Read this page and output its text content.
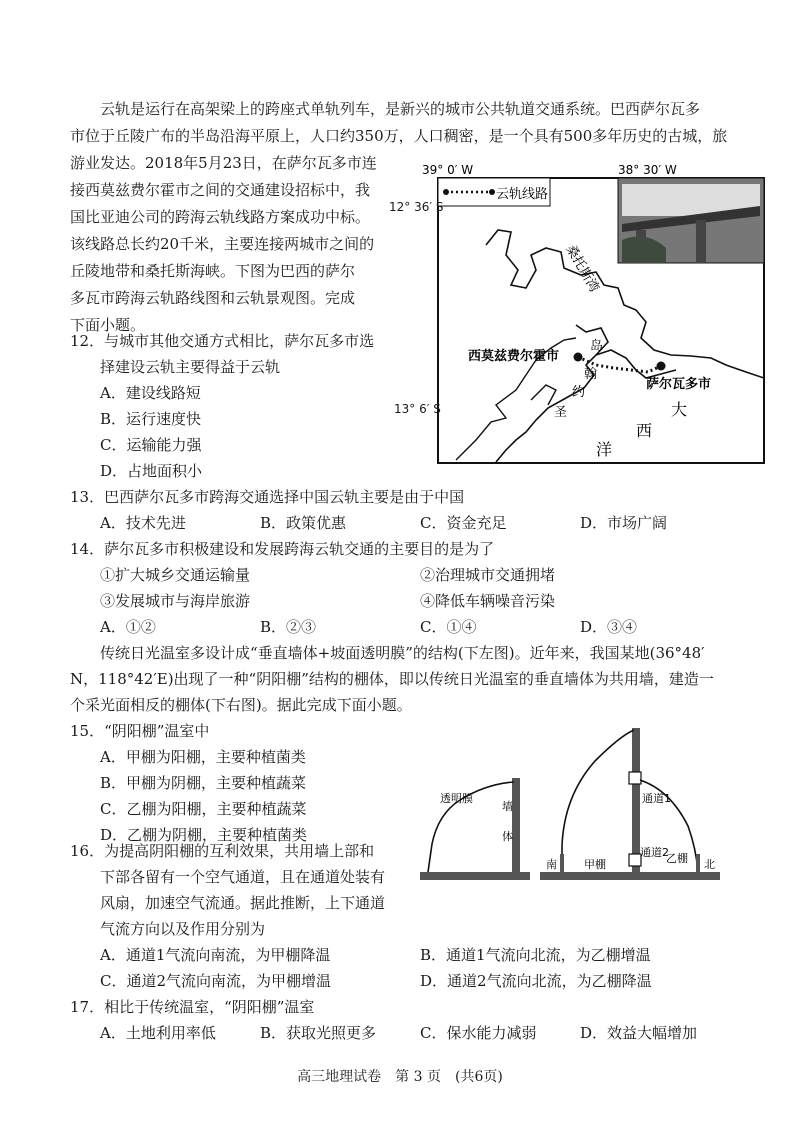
云轨是运行在高架梁上的跨座式单轨列车，是新兴的城市公共轨道交通系统。巴西萨尔瓦多
市位于丘陵广布的半岛沿海平原上，人口约350万，人口稠密，是一个具有500多年历史的古城，旅
游业发达。2018年5月23日，在萨尔瓦多市连
接西莫兹费尔霍市之间的交通建设招标中，我
国比亚迪公司的跨海云轨线路方案成功中标。
该线路总长约20千米，主要连接两城市之间的
丘陵地带和桑托斯海峡。下图为巴西的萨尔
多瓦市跨海云轨路线图和云轨景观图。完成
下面小题。
云轨线路
39° 0′ W	38° 30′ W
桑托斯湾
西莫兹费尔霍市
萨尔瓦多市
岛
翰
约
圣	大
西
洋
12° 36′ S
13° 6′ S
12．与城市其他交通方式相比，萨尔瓦多市选
择建设云轨主要得益于云轨
A．建设线路短
B．运行速度快
C．运输能力强
D．占地面积小
13．巴西萨尔瓦多市跨海交通选择中国云轨主要是由于中国
A．技术先进	B．政策优惠	C．资金充足	D．市场广阔
14．萨尔瓦多市积极建设和发展跨海云轨交通的主要目的是为了
①扩大城乡交通运输量	②治理城市交通拥堵
③发展城市与海岸旅游	④降低车辆噪音污染
A．①②	B．②③	C．①④	D．③④
传统日光温室多设计成“垂直墙体+坡面透明膜”的结构(下左图)。近年来，我国某地(36°48′
N，118°42′E)出现了一种“阴阳棚”结构的棚体，即以传统日光温室的垂直墙体为共用墙，建造一
个采光面相反的棚体(下右图)。据此完成下面小题。
15．“阴阳棚”温室中
A．甲棚为阳棚，主要种植菌类
B．甲棚为阴棚，主要种植蔬菜
C．乙棚为阳棚，主要种植蔬菜
D．乙棚为阴棚，主要种植菌类
透明膜
墙
体
通道1
通道2
南	北
甲棚	乙棚
16．为提高阴阳棚的互利效果，共用墙上部和
下部各留有一个空气通道，且在通道处装有
风扇，加速空气流通。据此推断，上下通道
气流方向以及作用分别为
A．通道1气流向南流，为甲棚降温	B．通道1气流向北流，为乙棚增温
C．通道2气流向南流，为甲棚增温	D．通道2气流向北流，为乙棚降温
17．相比于传统温室，“阴阳棚”温室
A．土地利用率低	B．获取光照更多	C．保水能力减弱	D．效益大幅增加
高三地理试卷　第 3 页　(共6页)
